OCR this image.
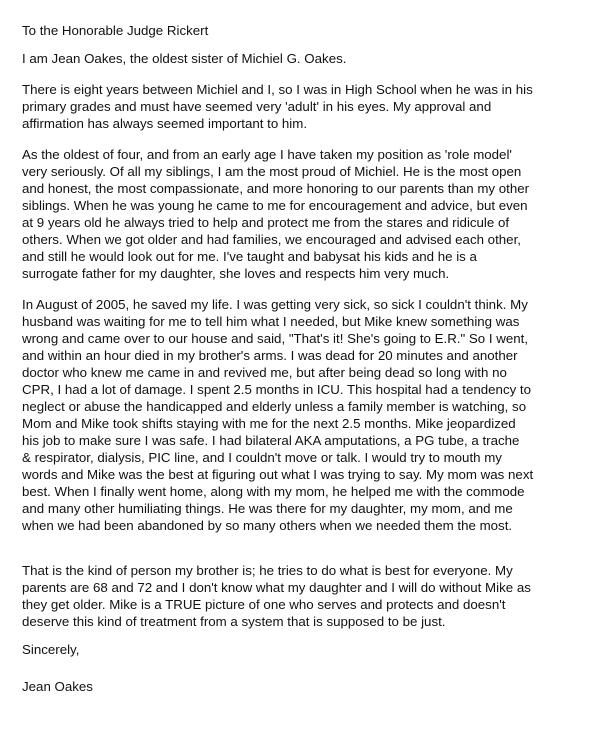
To the Honorable Judge Rickert
I am Jean Oakes, the oldest sister of Michiel G. Oakes.
There is eight years between Michiel and I, so I was in High School when he was in his
primary grades and must have seemed very 'adult' in his eyes. My approval and
affirmation has always seemed important to him.
As the oldest of four, and from an early age I have taken my position as 'role model'
very seriously. Of all my siblings, I am the most proud of Michiel. He is the most open
and honest, the most compassionate, and more honoring to our parents than my other
siblings. When he was young he came to me for encouragement and advice, but even
at 9 years old he always tried to help and protect me from the stares and ridicule of
others. When we got older and had families, we encouraged and advised each other,
and still he would look out for me. I've taught and babysat his kids and he is a
surrogate father for my daughter, she loves and respects him very much.
In August of 2005, he saved my life. I was getting very sick, so sick I couldn't think. My
husband was waiting for me to tell him what I needed, but Mike knew something was
wrong and came over to our house and said, "That's it! She's going to E.R." So I went,
and within an hour died in my brother's arms. I was dead for 20 minutes and another
doctor who knew me came in and revived me, but after being dead so long with no
CPR, I had a lot of damage. I spent 2.5 months in ICU. This hospital had a tendency to
neglect or abuse the handicapped and elderly unless a family member is watching, so
Mom and Mike took shifts staying with me for the next 2.5 months. Mike jeopardized
his job to make sure I was safe. I had bilateral AKA amputations, a PG tube, a trache
& respirator, dialysis, PIC line, and I couldn't move or talk. I would try to mouth my
words and Mike was the best at figuring out what I was trying to say. My mom was next
best. When I finally went home, along with my mom, he helped me with the commode
and many other humiliating things. He was there for my daughter, my mom, and me
when we had been abandoned by so many others when we needed them the most.
That is the kind of person my brother is; he tries to do what is best for everyone. My
parents are 68 and 72 and I don't know what my daughter and I will do without Mike as
they get older. Mike is a TRUE picture of one who serves and protects and doesn't
deserve this kind of treatment from a system that is supposed to be just.
Sincerely,
Jean Oakes
